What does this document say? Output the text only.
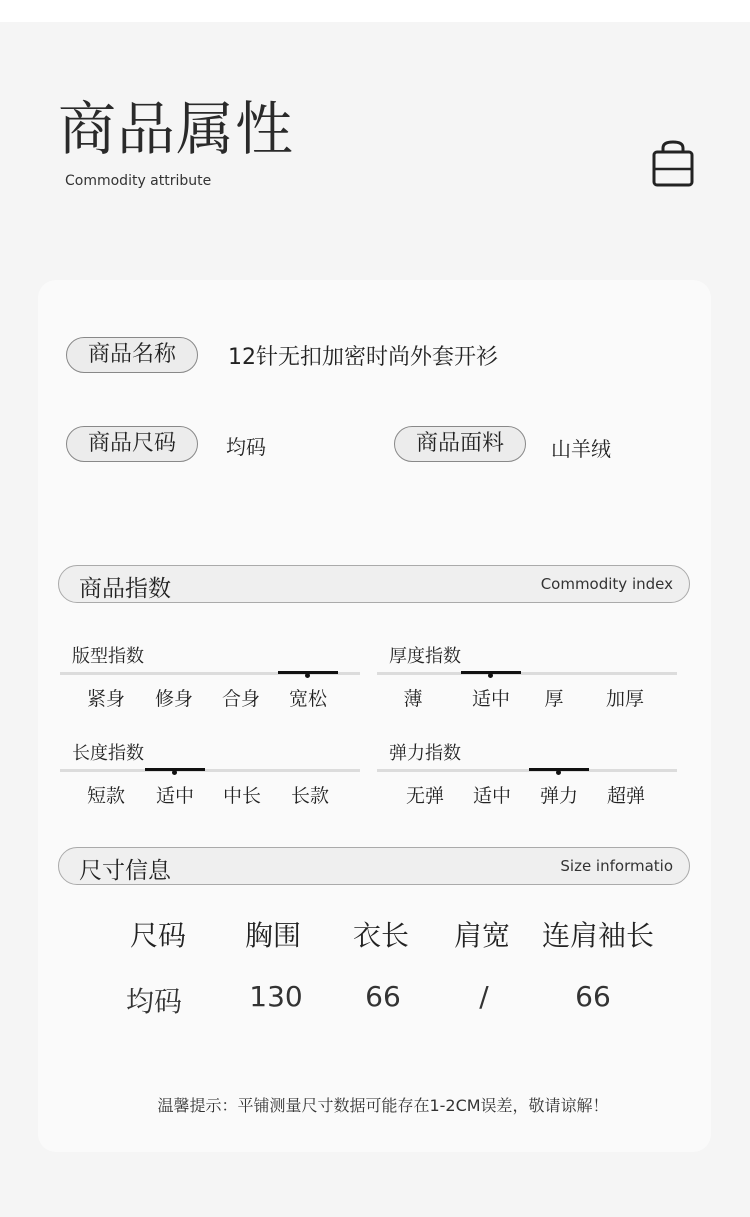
商品属性
Commodity attribute
商品名称	12针无扣加密时尚外套开衫
商品尺码	均码	商品面料	山羊绒
商品指数	Commodity index
版型指数
紧身	修身	合身	宽松
厚度指数
薄	适中	厚	加厚
长度指数
短款	适中	中长	长款
弹力指数
无弹	适中	弹力	超弹
尺寸信息	Size informatio
尺码	胸围	衣长	肩宽	连肩袖长
均码	130	66	/	66
温馨提示：平铺测量尺寸数据可能存在1-2CM误差，敬请谅解！
